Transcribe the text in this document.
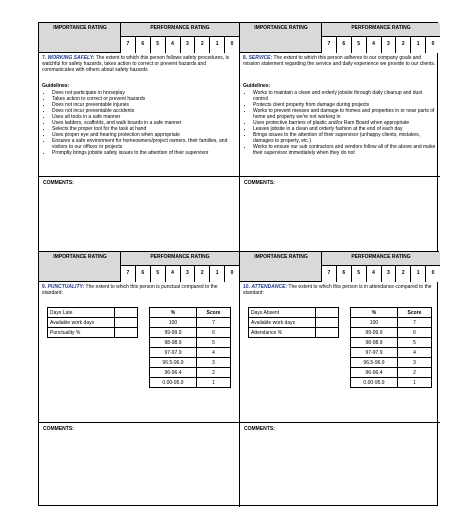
IMPORTANCE RATING	PERFORMANCE RATING
7	6	5	4	3	2	1	0
7. WORKING SAFELY: The extent to which this person follows safety procedures, is watchful for safety hazards, takes action to correct or prevent hazards and communicates with others about safety hazards
Guidelines:
• Does not participate in horseplay
• Takes action to correct or prevent hazards
• Does not incur preventable injuries
• Does not incur preventable accidents
• Uses all tools in a safe manner
• Uses ladders, scaffolds, and walk boards in a safe manner
• Selects the proper tool for the task at hand
• Uses proper eye and hearing protection when appropriate
• Ensures a safe environment for homeowners/project owners, their families, and visitors to our offices or projects
• Promptly brings jobsite safety issues to the attention of their supervisor
COMMENTS:
IMPORTANCE RATING	PERFORMANCE RATING
7	6	5	4	3	2	1	0
8. SERVICE: The extent to which this person adheres to our company goals and mission statement regarding the service and daily experience we provide to our clients.
Guidelines:
• Works to maintain a clean and orderly jobsite through daily cleanup and dust control
• Protects client property from damage during projects
• Works to prevent messes and damage to homes and properties in or near parts of home and property we're not working in
• Uses protective barriers of plastic and/or Ram Board when appropriate
• Leaves jobsite in a clean and orderly fashion at the end of each day
• Brings issues to the attention of their supervisor (unhappy clients, mistakes, damages to property, etc.)
• Works to ensure our sub contractors and vendors follow all of the above and make their supervisor immediately when they do not
COMMENTS:
IMPORTANCE RATING	PERFORMANCE RATING
7	6	5	4	3	2	1	0
9. PUNCTUALITY: The extent to which this person is punctual compared to the standard:
Days Late	
Available work days	
Punctuality %	
%	Score
100	7
99-99.9	6
98-98.9	5
97-97.9	4
96.5-96.9	3
96-96.4	2
0.00-95.9	1
COMMENTS:
IMPORTANCE RATING	PERFORMANCE RATING
7	6	5	4	3	2	1	0
10. ATTENDANCE: The extent to which this person is in attendance compared to the standard:
Days Absent	
Available work days	
Attendance %	
%	Score
100	7
99-99.9	6
98-98.9	5
97-97.9	4
96.5-96.9	3
96-96.4	2
0.00-95.9	1
COMMENTS:
